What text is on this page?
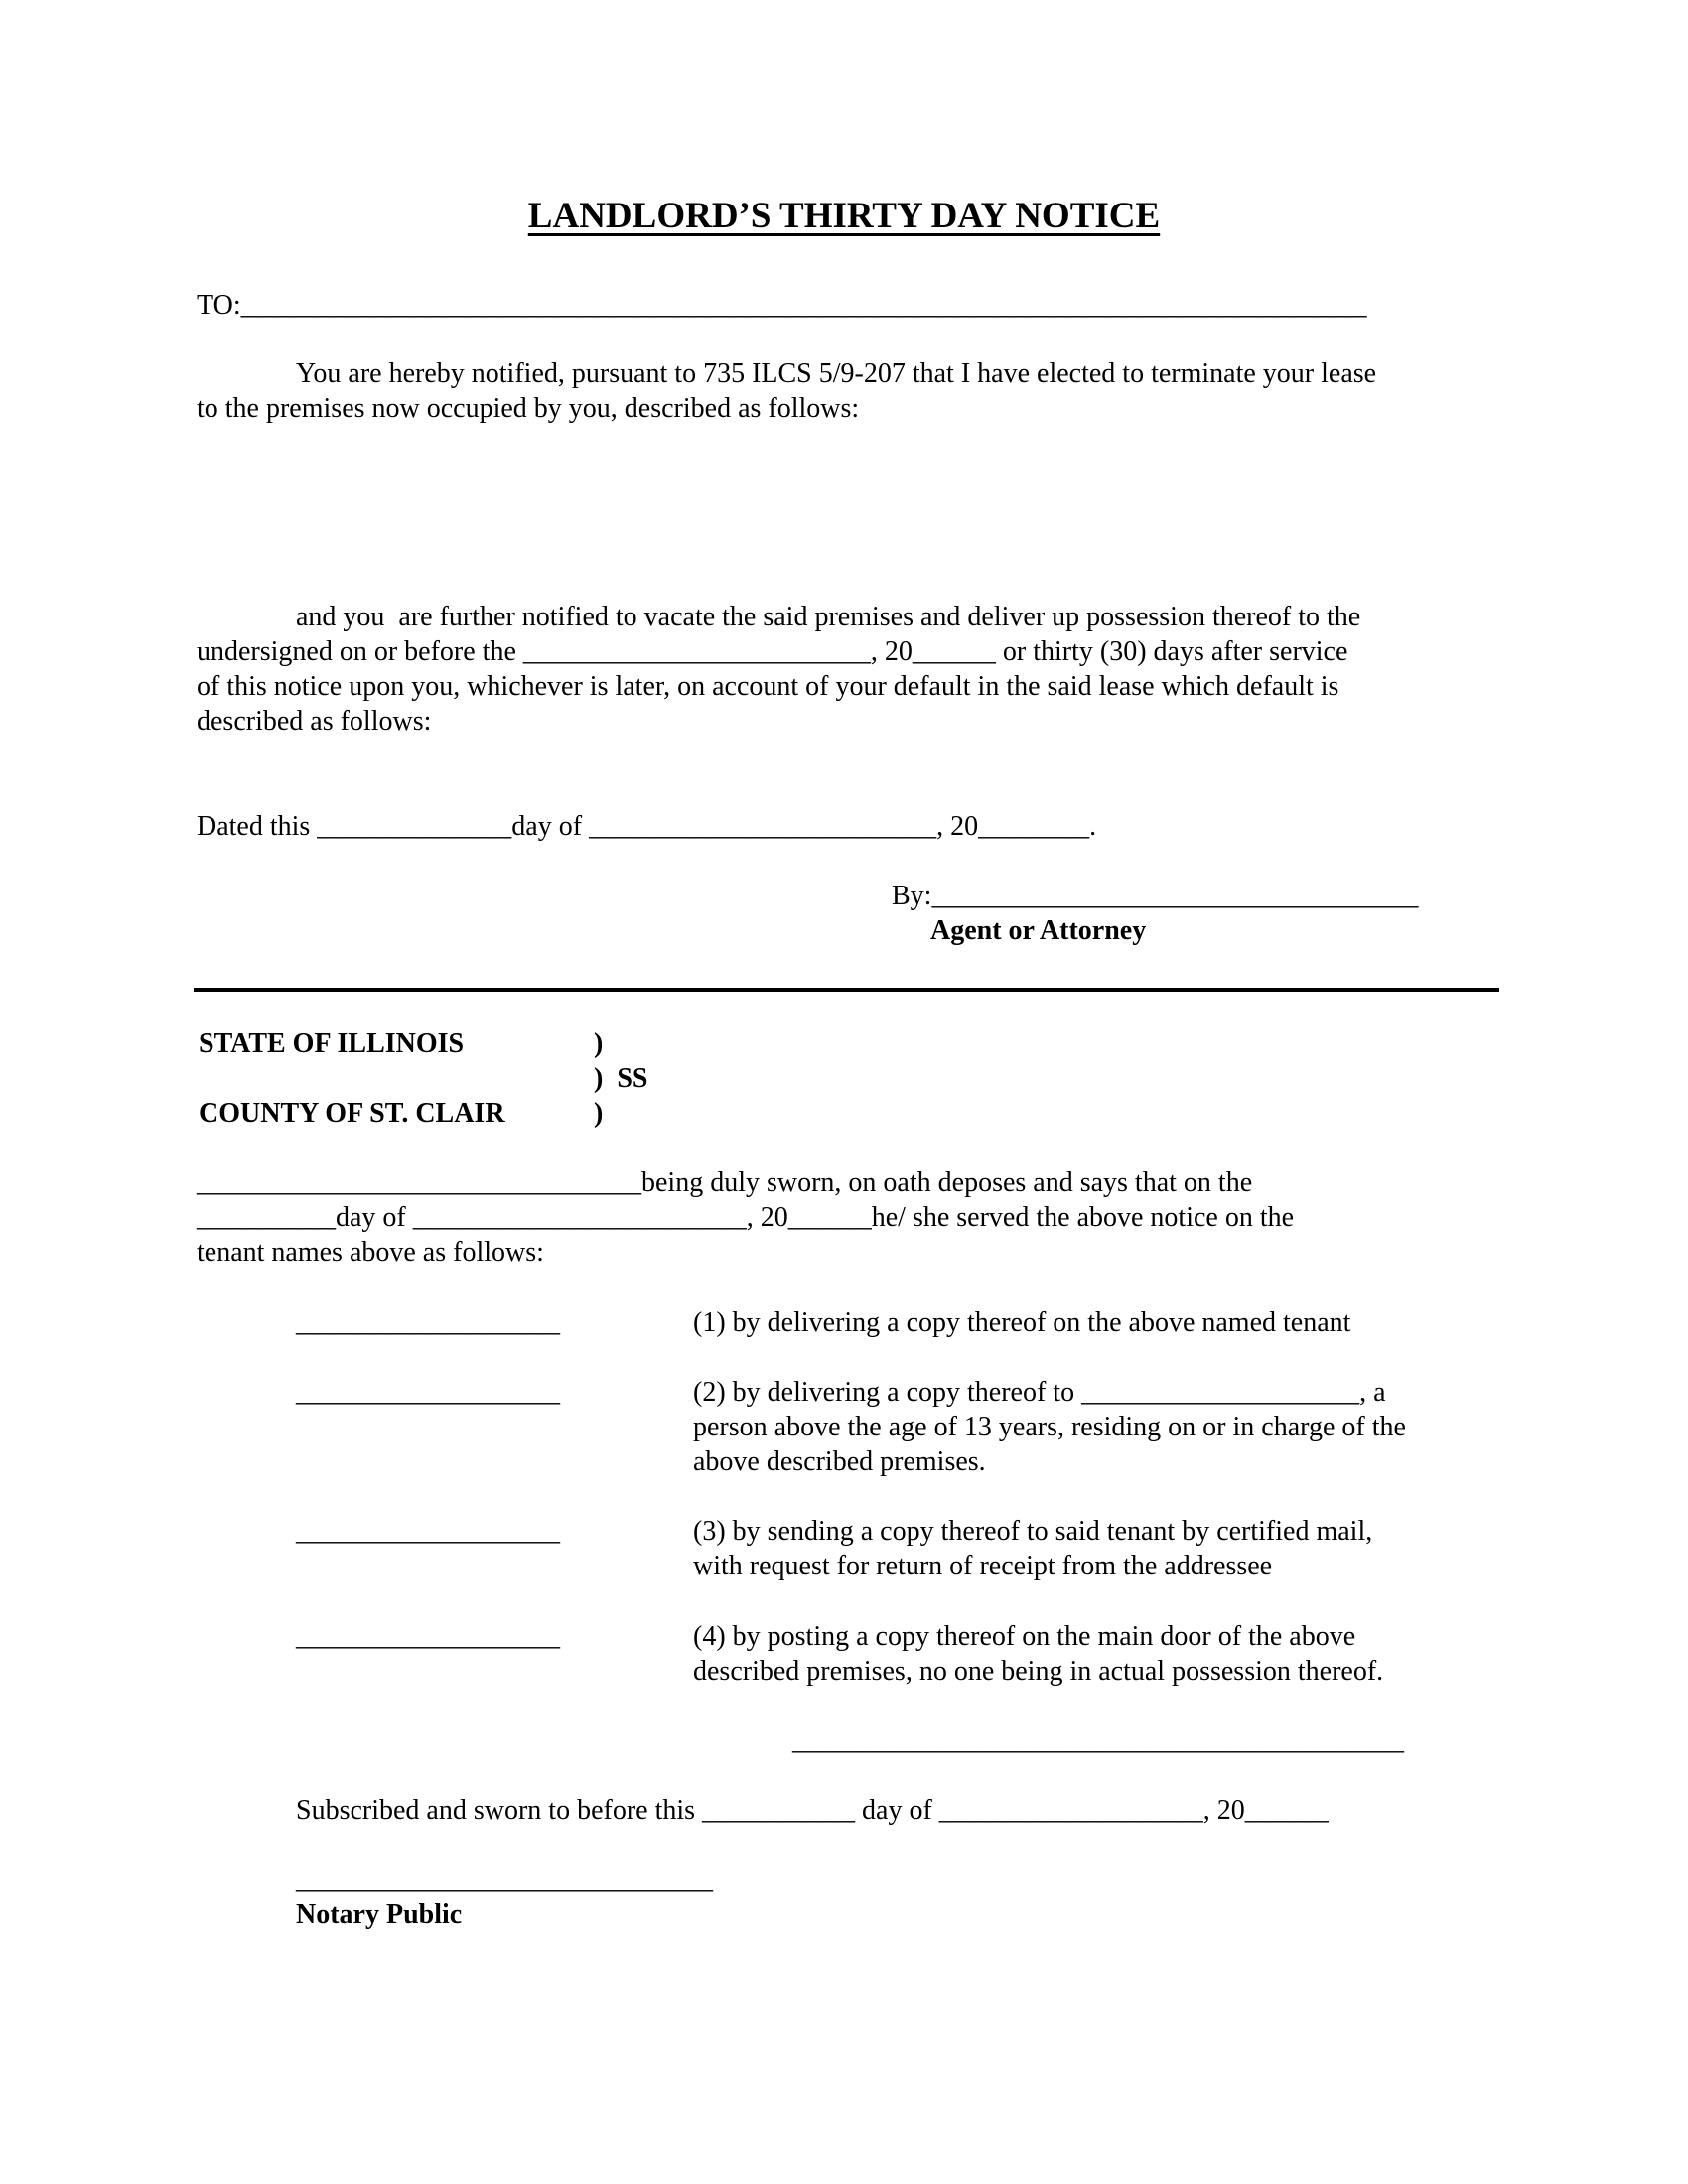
LANDLORD’S THIRTY DAY NOTICE
TO:_________________________________________________________________________________
You are hereby notified, pursuant to 735 ILCS 5/9-207 that I have elected to terminate your lease
to the premises now occupied by you, described as follows:
and you  are further notified to vacate the said premises and deliver up possession thereof to the
undersigned on or before the _________________________, 20______ or thirty (30) days after service
of this notice upon you, whichever is later, on account of your default in the said lease which default is
described as follows:
Dated this ______________day of _________________________, 20________.
By:___________________________________
Agent or Attorney
STATE OF ILLINOIS	)
)  SS
COUNTY OF ST. CLAIR	)
________________________________being duly sworn, on oath deposes and says that on the
__________day of ________________________, 20______he/ she served the above notice on the
tenant names above as follows:
___________________	(1) by delivering a copy thereof on the above named tenant
___________________	(2) by delivering a copy thereof to ____________________, a
person above the age of 13 years, residing on or in charge of the
above described premises.
___________________	(3) by sending a copy thereof to said tenant by certified mail,
with request for return of receipt from the addressee
___________________	(4) by posting a copy thereof on the main door of the above
described premises, no one being in actual possession thereof.
____________________________________________
Subscribed and sworn to before this ___________ day of ___________________, 20______
______________________________
Notary Public
